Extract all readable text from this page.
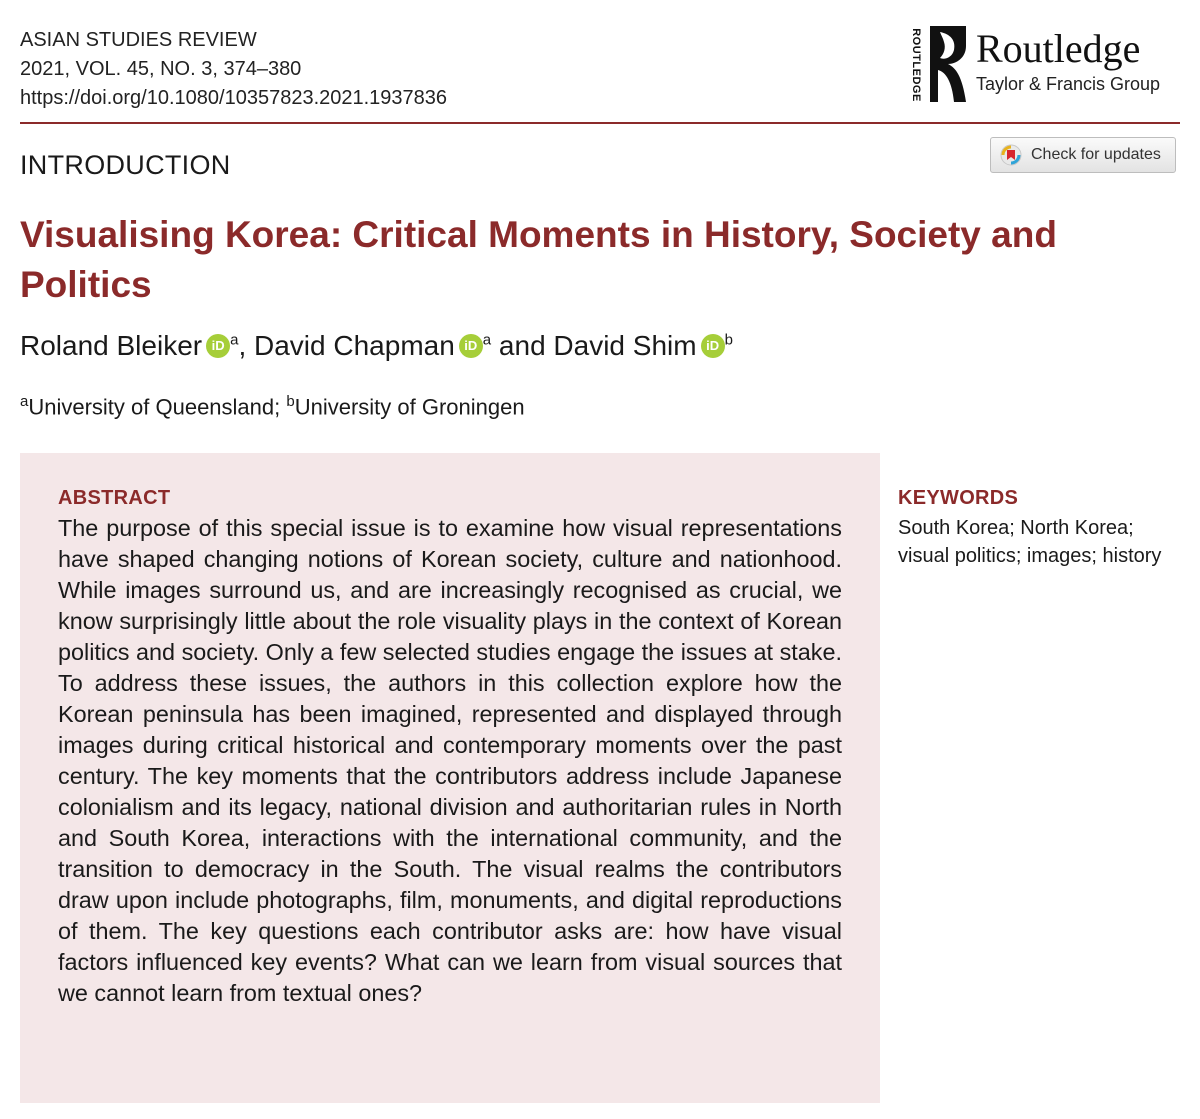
ASIAN STUDIES REVIEW
2021, VOL. 45, NO. 3, 374–380
https://doi.org/10.1080/10357823.2021.1937836	ROUTLEDGE Routledge
Taylor & Francis Group
INTRODUCTION	Check for updates
Visualising Korea: Critical Moments in History, Society and Politics
Roland Bleiker iD $^a$, David Chapman iD $^a$ and David Shim iD $^b$
$^a$University of Queensland; $^b$University of Groningen
ABSTRACT
The purpose of this special issue is to examine how visual representations have shaped changing notions of Korean society, culture and nationhood. While images surround us, and are increasingly recognised as crucial, we know surprisingly little about the role visuality plays in the context of Korean politics and society. Only a few selected studies engage the issues at stake. To address these issues, the authors in this collection explore how the Korean peninsula has been imagined, represented and displayed through images during critical historical and contemporary moments over the past century. The key moments that the contributors address include Japanese colonialism and its legacy, national division and authoritarian rules in North and South Korea, interactions with the international community, and the transition to democracy in the South. The visual realms the contributors draw upon include photographs, film, monuments, and digital reproductions of them. The key questions each contributor asks are: how have visual factors influenced key events? What can we learn from visual sources that we cannot learn from textual ones?
KEYWORDS
South Korea; North Korea; visual politics; images; history
